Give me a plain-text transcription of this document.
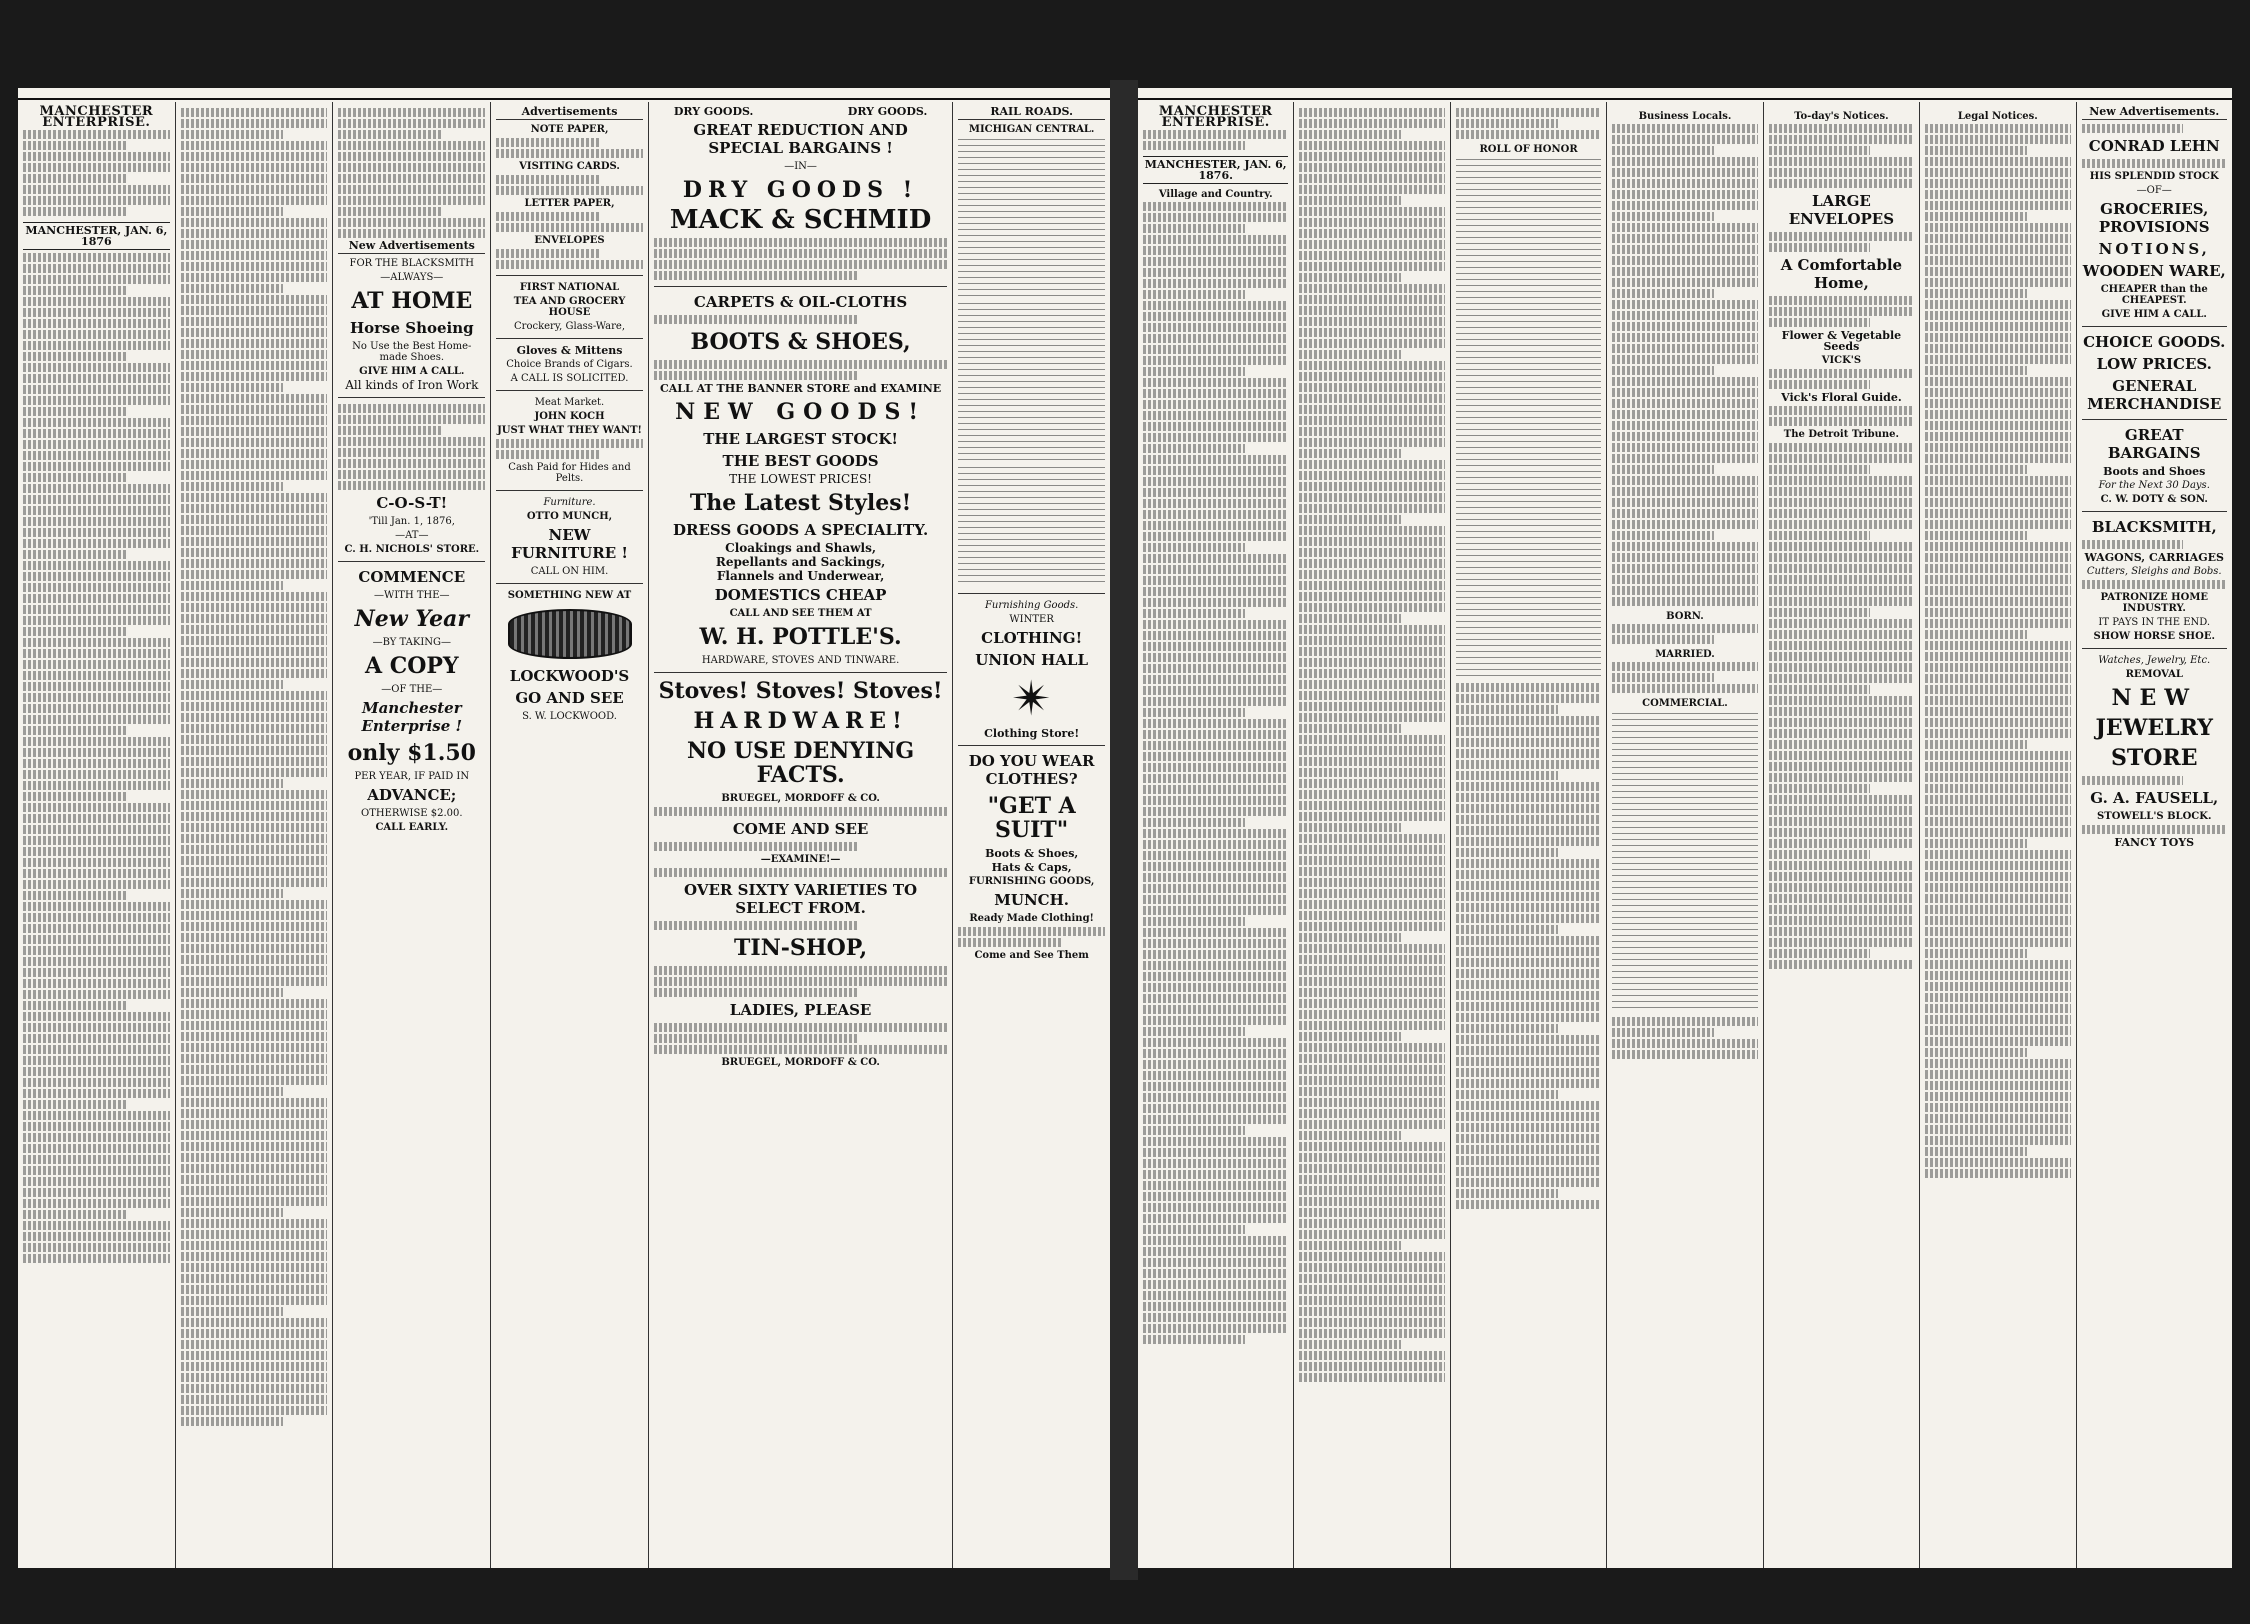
MANCHESTER ENTERPRISE.
MANCHESTER, JAN. 6, 1876	New Advertisements
FOR THE BLACKSMITH
—ALWAYS—
AT HOME
Horse Shoeing
No Use the Best Home-made Shoes.
GIVE HIM A CALL.
All kinds of Iron Work
C-O-S-T!
'Till Jan. 1, 1876,
—AT—
C. H. NICHOLS' STORE.
COMMENCE
—WITH THE—
New Year
—BY TAKING—
A COPY
—OF THE—
Manchester Enterprise !
only $1.50
PER YEAR, IF PAID IN
ADVANCE;
OTHERWISE $2.00.
CALL EARLY.
Advertisements
NOTE PAPER,
VISITING CARDS.
LETTER PAPER,
ENVELOPES
FIRST NATIONAL
TEA AND GROCERY HOUSE
Crockery, Glass-Ware,
Gloves & Mittens
Choice Brands of Cigars.
A CALL IS SOLICITED.
Meat Market.
JOHN KOCH
JUST WHAT THEY WANT!
Cash Paid for Hides and Pelts.
Furniture.
OTTO MUNCH,
NEW FURNITURE !
CALL ON HIM.
SOMETHING NEW AT
LOCKWOOD'S
GO AND SEE
S. W. LOCKWOOD.
DRY GOODS.	DRY GOODS.
GREAT REDUCTION AND SPECIAL BARGAINS !
—IN—
DRY GOODS !
MACK & SCHMID
CARPETS & OIL-CLOTHS
BOOTS & SHOES,
CALL AT THE BANNER STORE and EXAMINE
NEW GOODS!
THE LARGEST STOCK!
THE BEST GOODS
THE LOWEST PRICES!
The Latest Styles!
DRESS GOODS A SPECIALITY.
Cloakings and Shawls,
Repellants and Sackings,
Flannels and Underwear,
DOMESTICS CHEAP
CALL AND SEE THEM AT
W. H. POTTLE'S.
HARDWARE, STOVES AND TINWARE.
Stoves! Stoves! Stoves!
HARDWARE!
NO USE DENYING FACTS.
BRUEGEL, MORDOFF & CO.
COME AND SEE
—EXAMINE!—
OVER SIXTY VARIETIES TO SELECT FROM.
TIN-SHOP,
LADIES, PLEASE
BRUEGEL, MORDOFF & CO.
RAIL ROADS.
MICHIGAN CENTRAL.
Furnishing Goods.
WINTER
CLOTHING!
UNION HALL
✴
Clothing Store!
DO YOU WEAR CLOTHES?
"GET A SUIT"
Boots & Shoes,
Hats & Caps,
FURNISHING GOODS,
MUNCH.
Ready Made Clothing!
Come and See Them
MANCHESTER ENTERPRISE.
MANCHESTER, JAN. 6, 1876.
Village and Country.
ROLL OF HONOR
Business Locals.
BORN.
MARRIED.
COMMERCIAL.
To-day's Notices.
LARGE ENVELOPES
A Comfortable Home,
Flower & Vegetable Seeds
VICK'S
Vick's Floral Guide.
The Detroit Tribune.
Legal Notices.	New Advertisements.
CONRAD LEHN
HIS SPLENDID STOCK
—OF—
GROCERIES, PROVISIONS
NOTIONS,
WOODEN WARE,
CHEAPER than the CHEAPEST.
GIVE HIM A CALL.
CHOICE GOODS.
LOW PRICES.
GENERAL MERCHANDISE
GREAT BARGAINS
Boots and Shoes
For the Next 30 Days.
C. W. DOTY & SON.
BLACKSMITH,
WAGONS, CARRIAGES
Cutters, Sleighs and Bobs.
PATRONIZE HOME INDUSTRY.
IT PAYS IN THE END.
SHOW HORSE SHOE.
Watches, Jewelry, Etc.
REMOVAL
NEW
JEWELRY
STORE
G. A. FAUSELL,
STOWELL'S BLOCK.
FANCY TOYS
